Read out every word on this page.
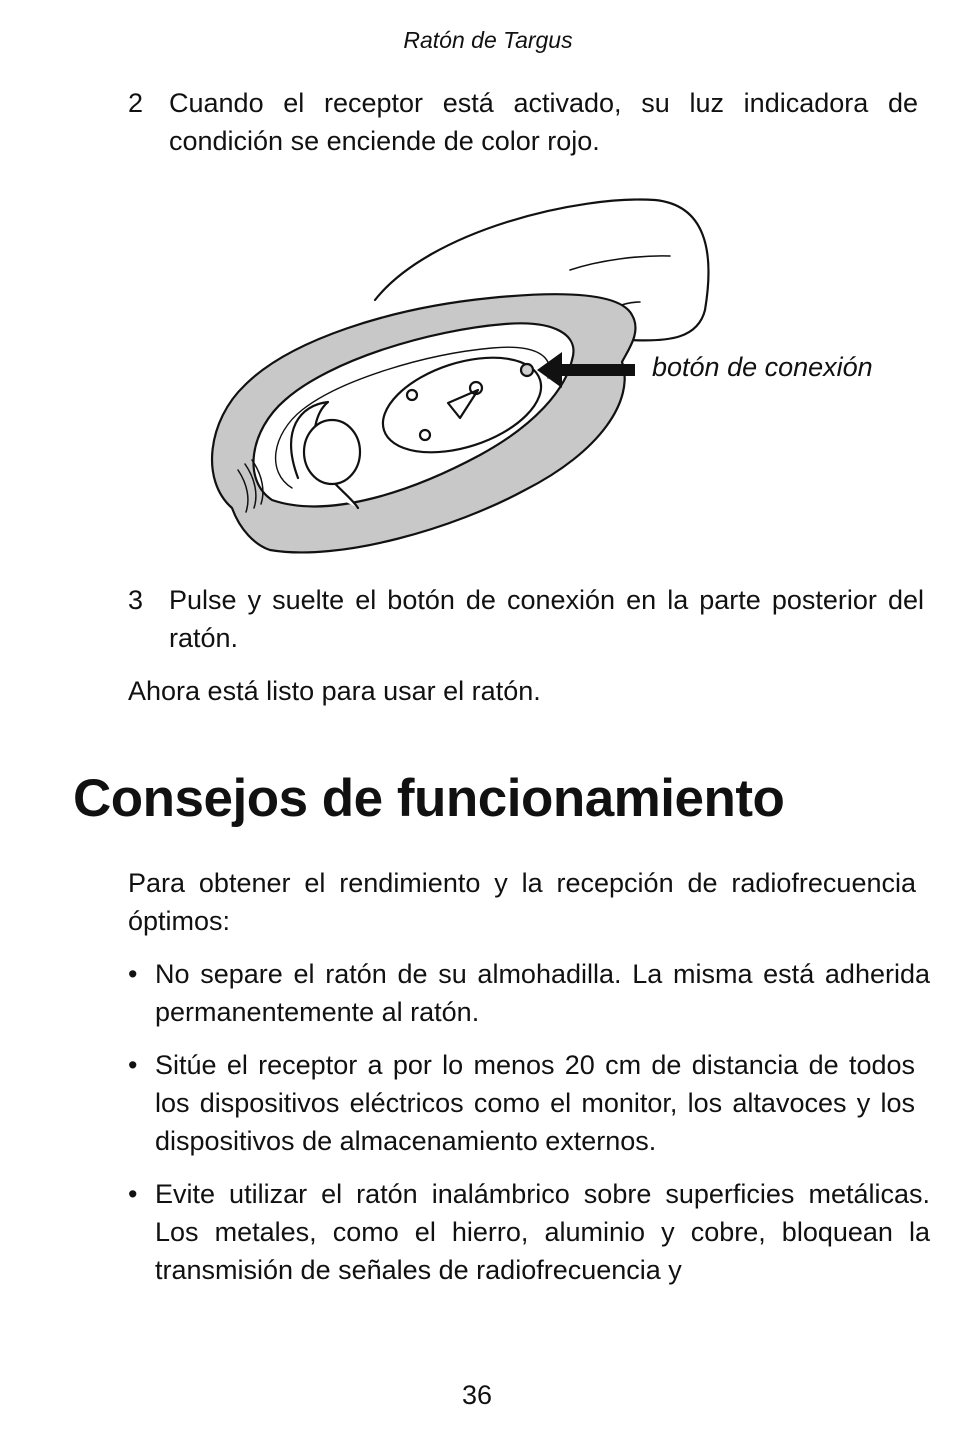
Ratón de Targus
2 Cuando el receptor está activado, su luz indicadora de condición se enciende de color rojo.
botón de conexión
3 Pulse y suelte el botón de conexión en la parte posterior del ratón.
Ahora está listo para usar el ratón.
Consejos de funcionamiento
Para obtener el rendimiento y la recepción de radiofrecuencia óptimos:
• No separe el ratón de su almohadilla. La misma está adherida permanentemente al ratón.
• Sitúe el receptor a por lo menos 20 cm de distancia de todos los dispositivos eléctricos como el monitor, los altavoces y los dispositivos de almacenamiento externos.
• Evite utilizar el ratón inalámbrico sobre superficies metálicas. Los metales, como el hierro, aluminio y cobre, bloquean la transmisión de señales de radiofrecuencia y
36
